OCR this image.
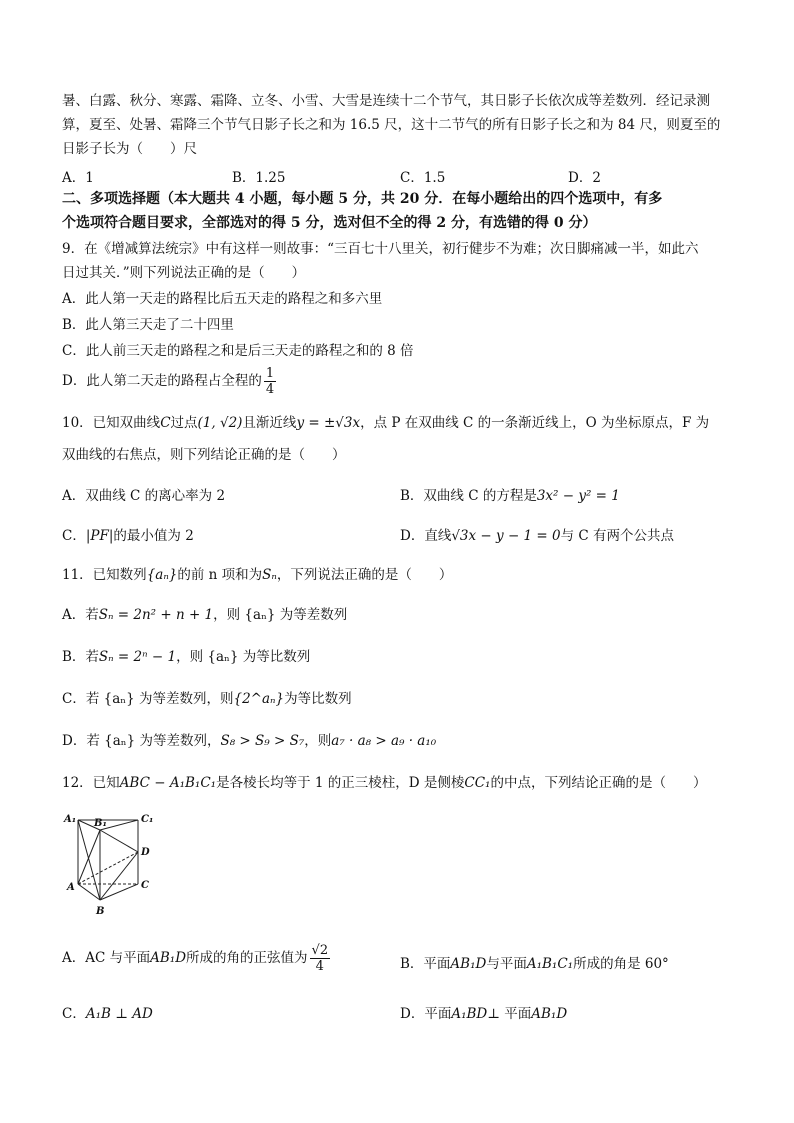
暑、白露、秋分、寒露、霜降、立冬、小雪、大雪是连续十二个节气，其日影子长依次成等差数列．经记录测
算，夏至、处暑、霜降三个节气日影子长之和为 16.5 尺，这十二节气的所有日影子长之和为 84 尺，则夏至的
日影子长为（　　）尺
A．1	B．1.25	C．1.5	D．2
二、多项选择题（本大题共 4 小题，每小题 5 分，共 20 分．在每小题给出的四个选项中，有多
个选项符合题目要求，全部选对的得 5 分，选对但不全的得 2 分，有选错的得 0 分）
9．在《增减算法统宗》中有这样一则故事：“三百七十八里关，初行健步不为难；次日脚痛减一半，如此六
日过其关．”则下列说法正确的是（　　）
A．此人第一天走的路程比后五天走的路程之和多六里
B．此人第三天走了二十四里
C．此人前三天走的路程之和是后三天走的路程之和的 8 倍
D．此人第二天走的路程占全程的 $\frac{1}{4}$
10．已知双曲线C过点(1, √2)且渐近线y = ±√3x，点 P 在双曲线 C 的一条渐近线上，O 为坐标原点，F 为
双曲线的右焦点，则下列结论正确的是（　　）
A．双曲线 C 的离心率为 2	B．双曲线 C 的方程是3x² − y² = 1
C．|PF|的最小值为 2	D．直线√3x − y − 1 = 0与 C 有两个公共点
11．已知数列{aₙ}的前 n 项和为Sₙ，下列说法正确的是（　　）
A．若Sₙ = 2n² + n + 1，则 {aₙ} 为等差数列
B．若Sₙ = 2ⁿ − 1，则 {aₙ} 为等比数列
C．若 {aₙ} 为等差数列，则{2^aₙ}为等比数列
D．若 {aₙ} 为等差数列，S₈ > S₉ > S₇，则a₇ · a₈ > a₉ · a₁₀
12．已知ABC − A₁B₁C₁是各棱长均等于 1 的正三棱柱，D 是侧棱CC₁的中点，下列结论正确的是（　　）
A₁ B₁	C₁
D
A	C
B
A．AC 与平面AB₁D所成的角的正弦值为 $\frac{√2}{4}$	B．平面AB₁D与平面A₁B₁C₁所成的角是 60°
C．A₁B ⊥ AD	D．平面A₁BD⊥ 平面AB₁D
